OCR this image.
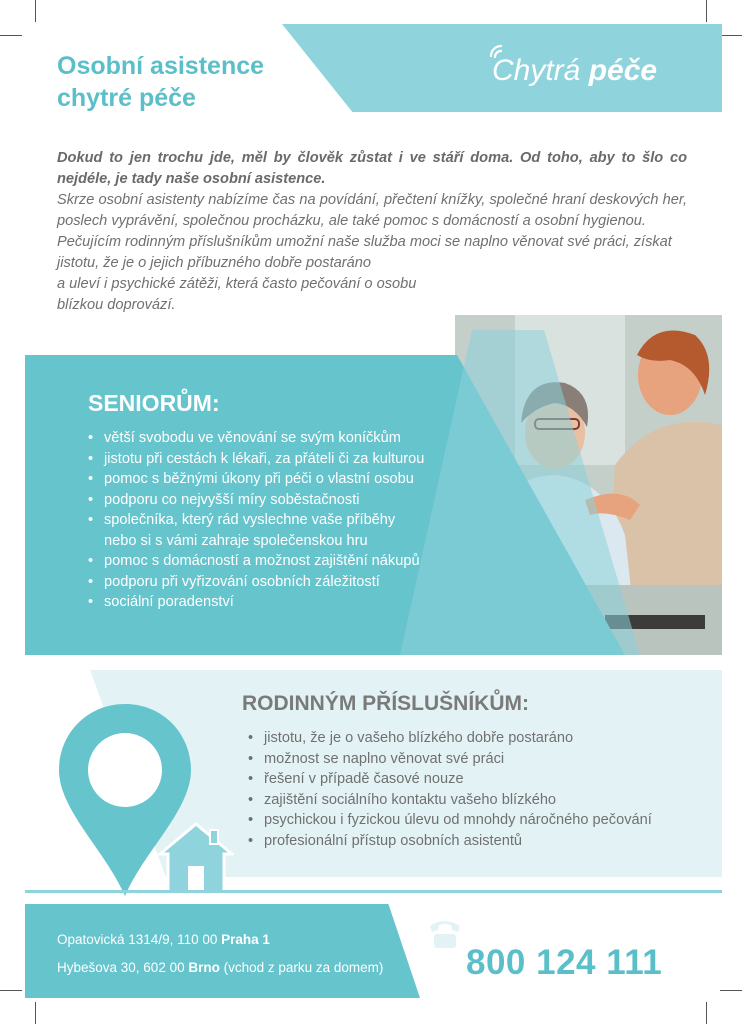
Osobní asistence
chytré péče
Chytrá péče

Dokud to jen trochu jde, měl by člověk zůstat i ve stáří doma. Od toho, aby to šlo co nejdéle, je tady naše osobní asistence.

Skrze osobní asistenty nabízíme čas na povídání, přečtení knížky, společné hraní deskových her, poslech vyprávění, společnou procházku, ale také pomoc s domácností a osobní hygienou.

Pečujícím rodinným příslušníkům umožní naše služba moci se naplno věnovat své práci, získat jistotu, že je o jejich příbuzného dobře postaráno

a uleví i psychické zátěži, která často pečování o osobu blízkou doprovází.

SENIORŮM:
• větší svobodu ve věnování se svým koníčkům
• jistotu při cestách k lékaři, za přáteli či za kulturou
• pomoc s běžnými úkony při péči o vlastní osobu
• podporu co nejvyšší míry soběstačnosti
• společníka, který rád vyslechne vaše příběhy
nebo si s vámi zahraje společenskou hru
• pomoc s domácností a možnost zajištění nákupů
• podporu při vyřizování osobních záležitostí
• sociální poradenství
RODINNÝM PŘÍSLUŠNÍKŮM:
• jistotu, že je o vašeho blízkého dobře postaráno
• možnost se naplno věnovat své práci
• řešení v případě časové nouze
• zajištění sociálního kontaktu vašeho blízkého
• psychickou i fyzickou úlevu od mnohdy náročného pečování
• profesionální přístup osobních asistentů
Opatovická 1314/9, 110 00 Praha 1
Hybešova 30, 602 00 Brno (vchod z parku za domem) 800 124 111
